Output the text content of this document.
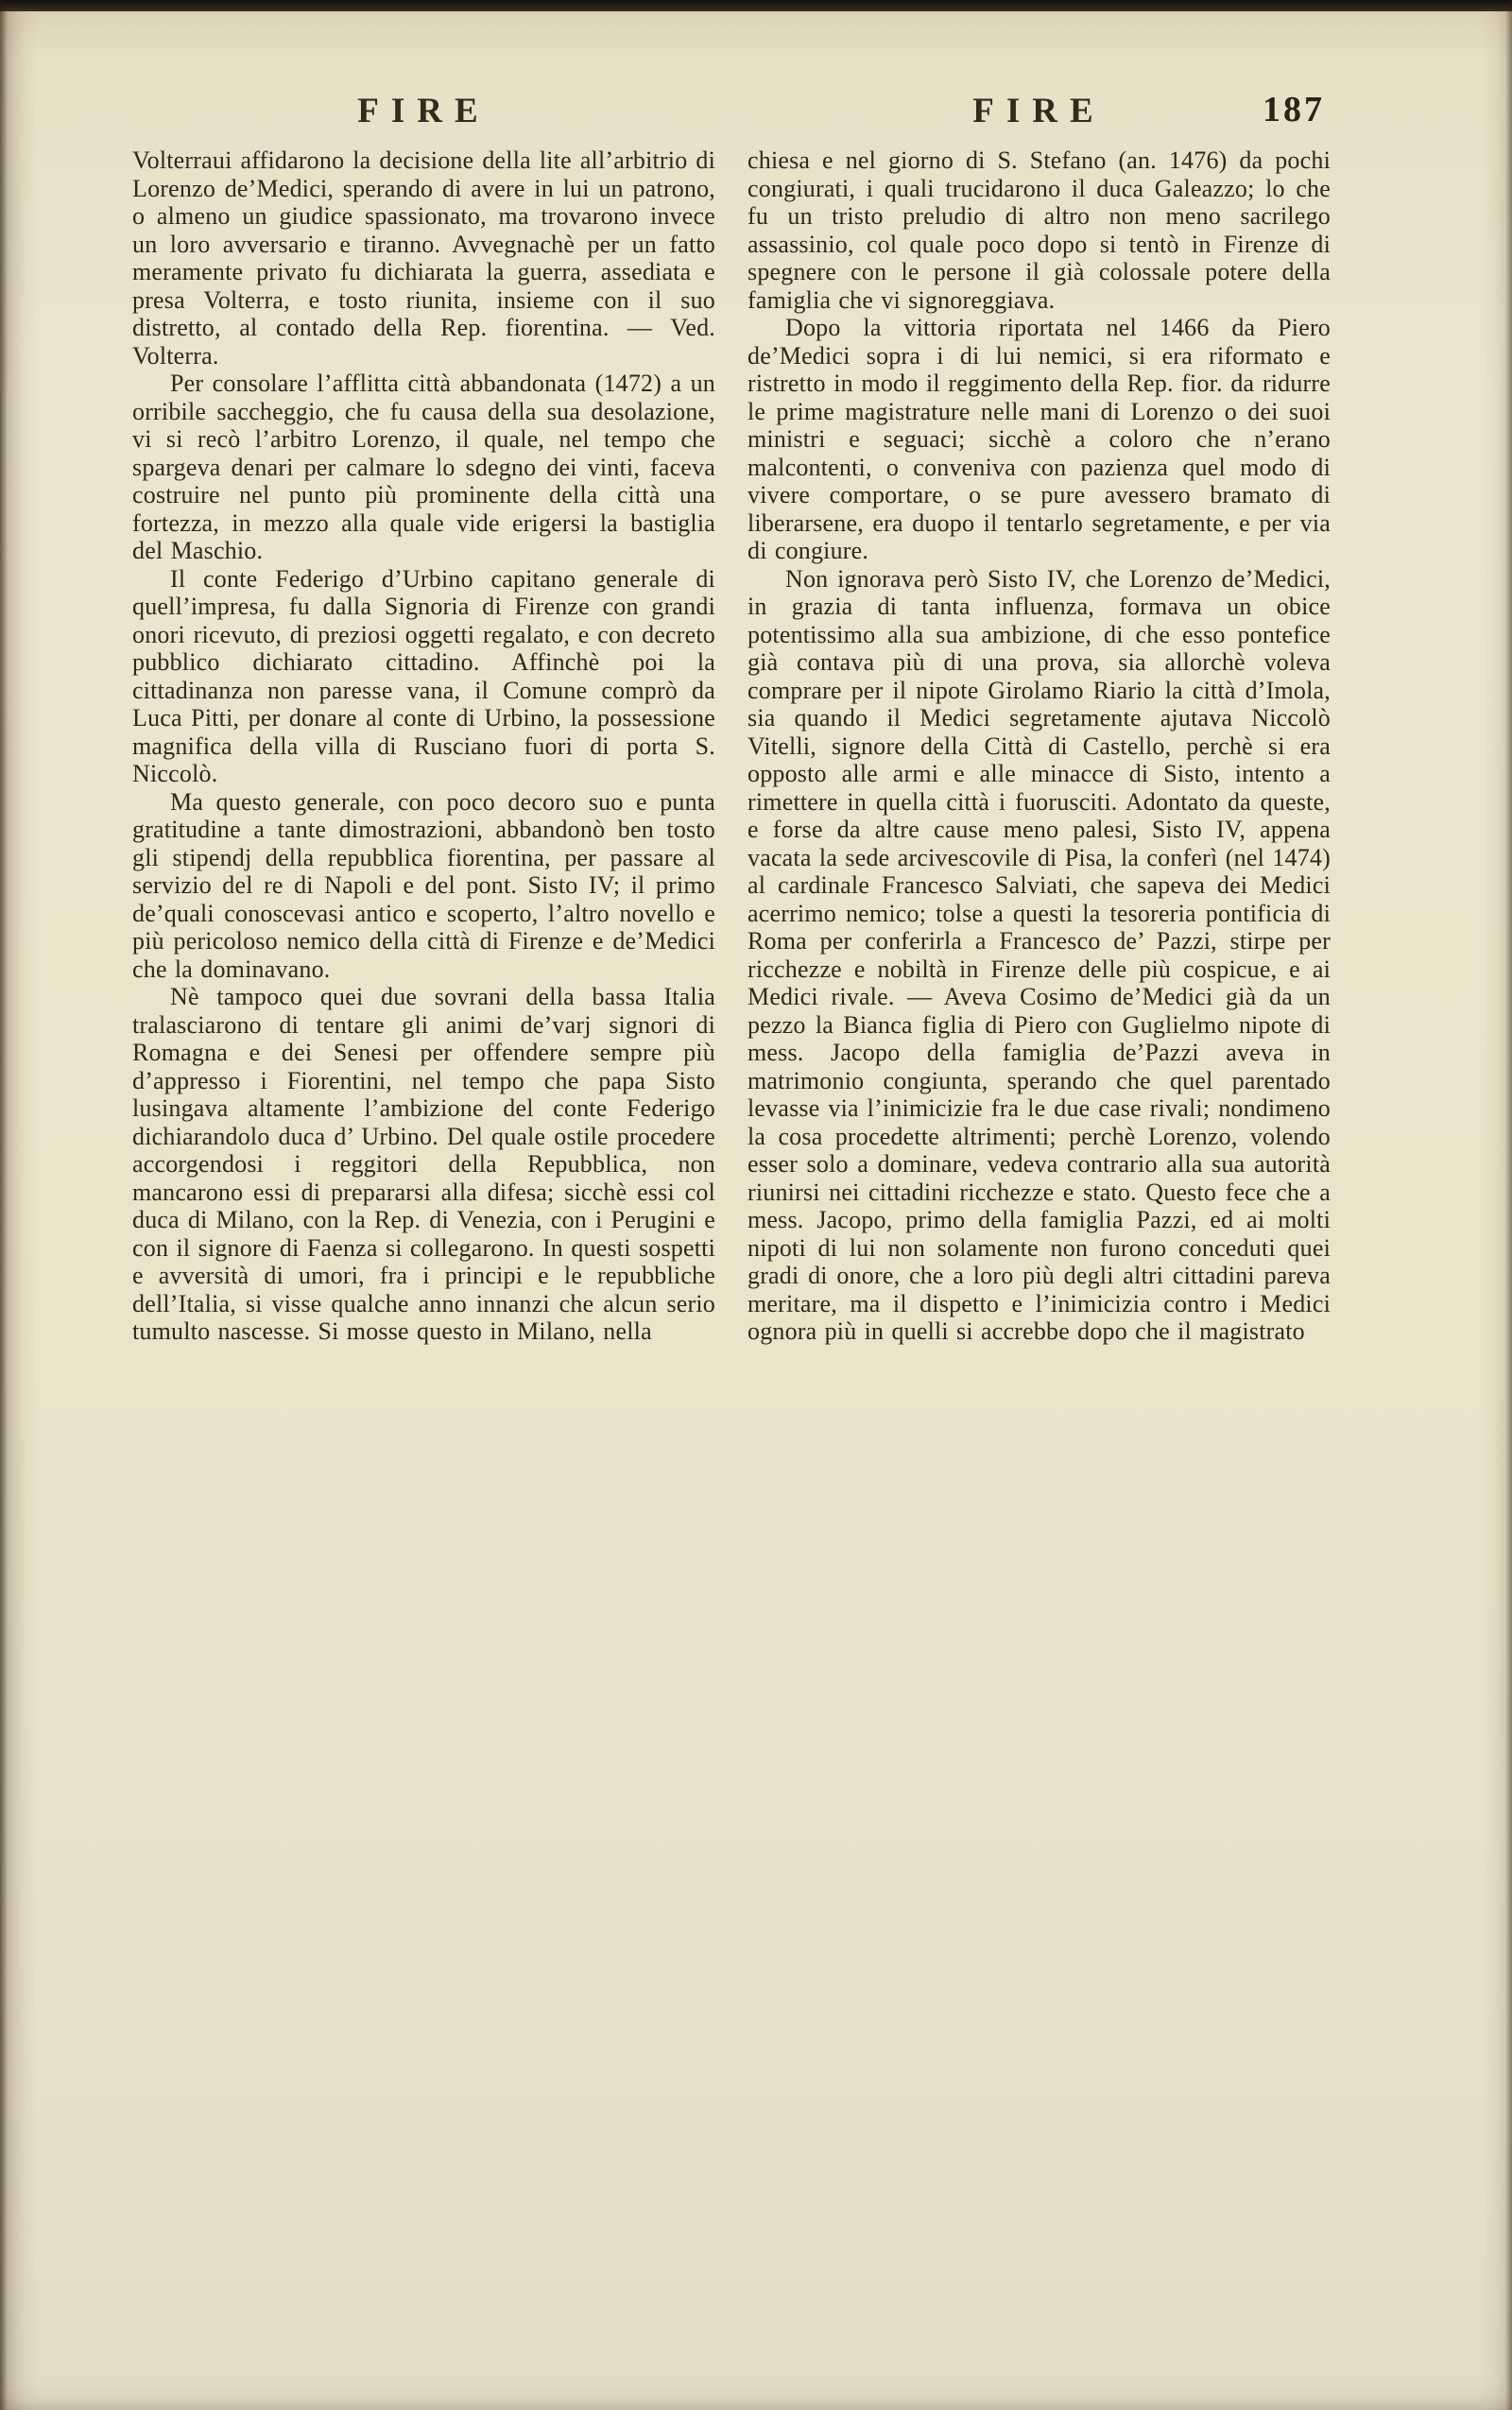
FIRE	FIRE	187

Volterraui affidarono la decisione della lite all’arbitrio di Lorenzo de’Medici, sperando di avere in lui un patrono, o almeno un giudice spassionato, ma trovarono invece un loro avversario e tiranno. Avvegnachè per un fatto meramente privato fu dichiarata la guerra, assediata e presa Volterra, e tosto riunita, insieme con il suo distretto, al contado della Rep. fiorentina. — Ved. Volterra.

Per consolare l’afflitta città abbandonata (1472) a un orribile saccheggio, che fu causa della sua desolazione, vi si recò l’arbitro Lorenzo, il quale, nel tempo che spargeva denari per calmare lo sdegno dei vinti, faceva costruire nel punto più prominente della città una fortezza, in mezzo alla quale vide erigersi la bastiglia del Maschio.

Il conte Federigo d’Urbino capitano generale di quell’impresa, fu dalla Signoria di Firenze con grandi onori ricevuto, di preziosi oggetti regalato, e con decreto pubblico dichiarato cittadino. Affinchè poi la cittadinanza non paresse vana, il Comune comprò da Luca Pitti, per donare al conte di Urbino, la possessione magnifica della villa di Rusciano fuori di porta S. Niccolò.

Ma questo generale, con poco decoro suo e punta gratitudine a tante dimostrazioni, abbandonò ben tosto gli stipendj della repubblica fiorentina, per passare al servizio del re di Napoli e del pont. Sisto IV; il primo de’quali conoscevasi antico e scoperto, l’altro novello e più pericoloso nemico della città di Firenze e de’Medici che la dominavano.

Nè tampoco quei due sovrani della bassa Italia tralasciarono di tentare gli animi de’varj signori di Romagna e dei Senesi per offendere sempre più d’appresso i Fiorentini, nel tempo che papa Sisto lusingava altamente l’ambizione del conte Federigo dichiarandolo duca d’ Urbino. Del quale ostile procedere accorgendosi i reggitori della Repubblica, non mancarono essi di prepararsi alla difesa; sicchè essi col duca di Milano, con la Rep. di Venezia, con i Perugini e con il signore di Faenza si collegarono. In questi sospetti e avversità di umori, fra i principi e le repubbliche dell’Italia, si visse qualche anno innanzi che alcun serio tumulto nascesse. Si mosse questo in Milano, nella

chiesa e nel giorno di S. Stefano (an. 1476) da pochi congiurati, i quali trucidarono il duca Galeazzo; lo che fu un tristo preludio di altro non meno sacrilego assassinio, col quale poco dopo si tentò in Firenze di spegnere con le persone il già colossale potere della famiglia che vi signoreggiava.

Dopo la vittoria riportata nel 1466 da Piero de’Medici sopra i di lui nemici, si era riformato e ristretto in modo il reggimento della Rep. fior. da ridurre le prime magistrature nelle mani di Lorenzo o dei suoi ministri e seguaci; sicchè a coloro che n’erano malcontenti, o conveniva con pazienza quel modo di vivere comportare, o se pure avessero bramato di liberarsene, era duopo il tentarlo segretamente, e per via di congiure.

Non ignorava però Sisto IV, che Lorenzo de’Medici, in grazia di tanta influenza, formava un obice potentissimo alla sua ambizione, di che esso pontefice già contava più di una prova, sia allorchè voleva comprare per il nipote Girolamo Riario la città d’Imola, sia quando il Medici segretamente ajutava Niccolò Vitelli, signore della Città di Castello, perchè si era opposto alle armi e alle minacce di Sisto, intento a rimettere in quella città i fuorusciti. Adontato da queste, e forse da altre cause meno palesi, Sisto IV, appena vacata la sede arcivescovile di Pisa, la conferì (nel 1474) al cardinale Francesco Salviati, che sapeva dei Medici acerrimo nemico; tolse a questi la tesoreria pontificia di Roma per conferirla a Francesco de’ Pazzi, stirpe per ricchezze e nobiltà in Firenze delle più cospicue, e ai Medici rivale. — Aveva Cosimo de’Medici già da un pezzo la Bianca figlia di Piero con Guglielmo nipote di mess. Jacopo della famiglia de’Pazzi aveva in matrimonio congiunta, sperando che quel parentado levasse via l’inimicizie fra le due case rivali; nondimeno la cosa procedette altrimenti; perchè Lorenzo, volendo esser solo a dominare, vedeva contrario alla sua autorità riunirsi nei cittadini ricchezze e stato. Questo fece che a mess. Jacopo, primo della famiglia Pazzi, ed ai molti nipoti di lui non solamente non furono conceduti quei gradi di onore, che a loro più degli altri cittadini pareva meritare, ma il dispetto e l’inimicizia contro i Medici ognora più in quelli si accrebbe dopo che il magistrato
